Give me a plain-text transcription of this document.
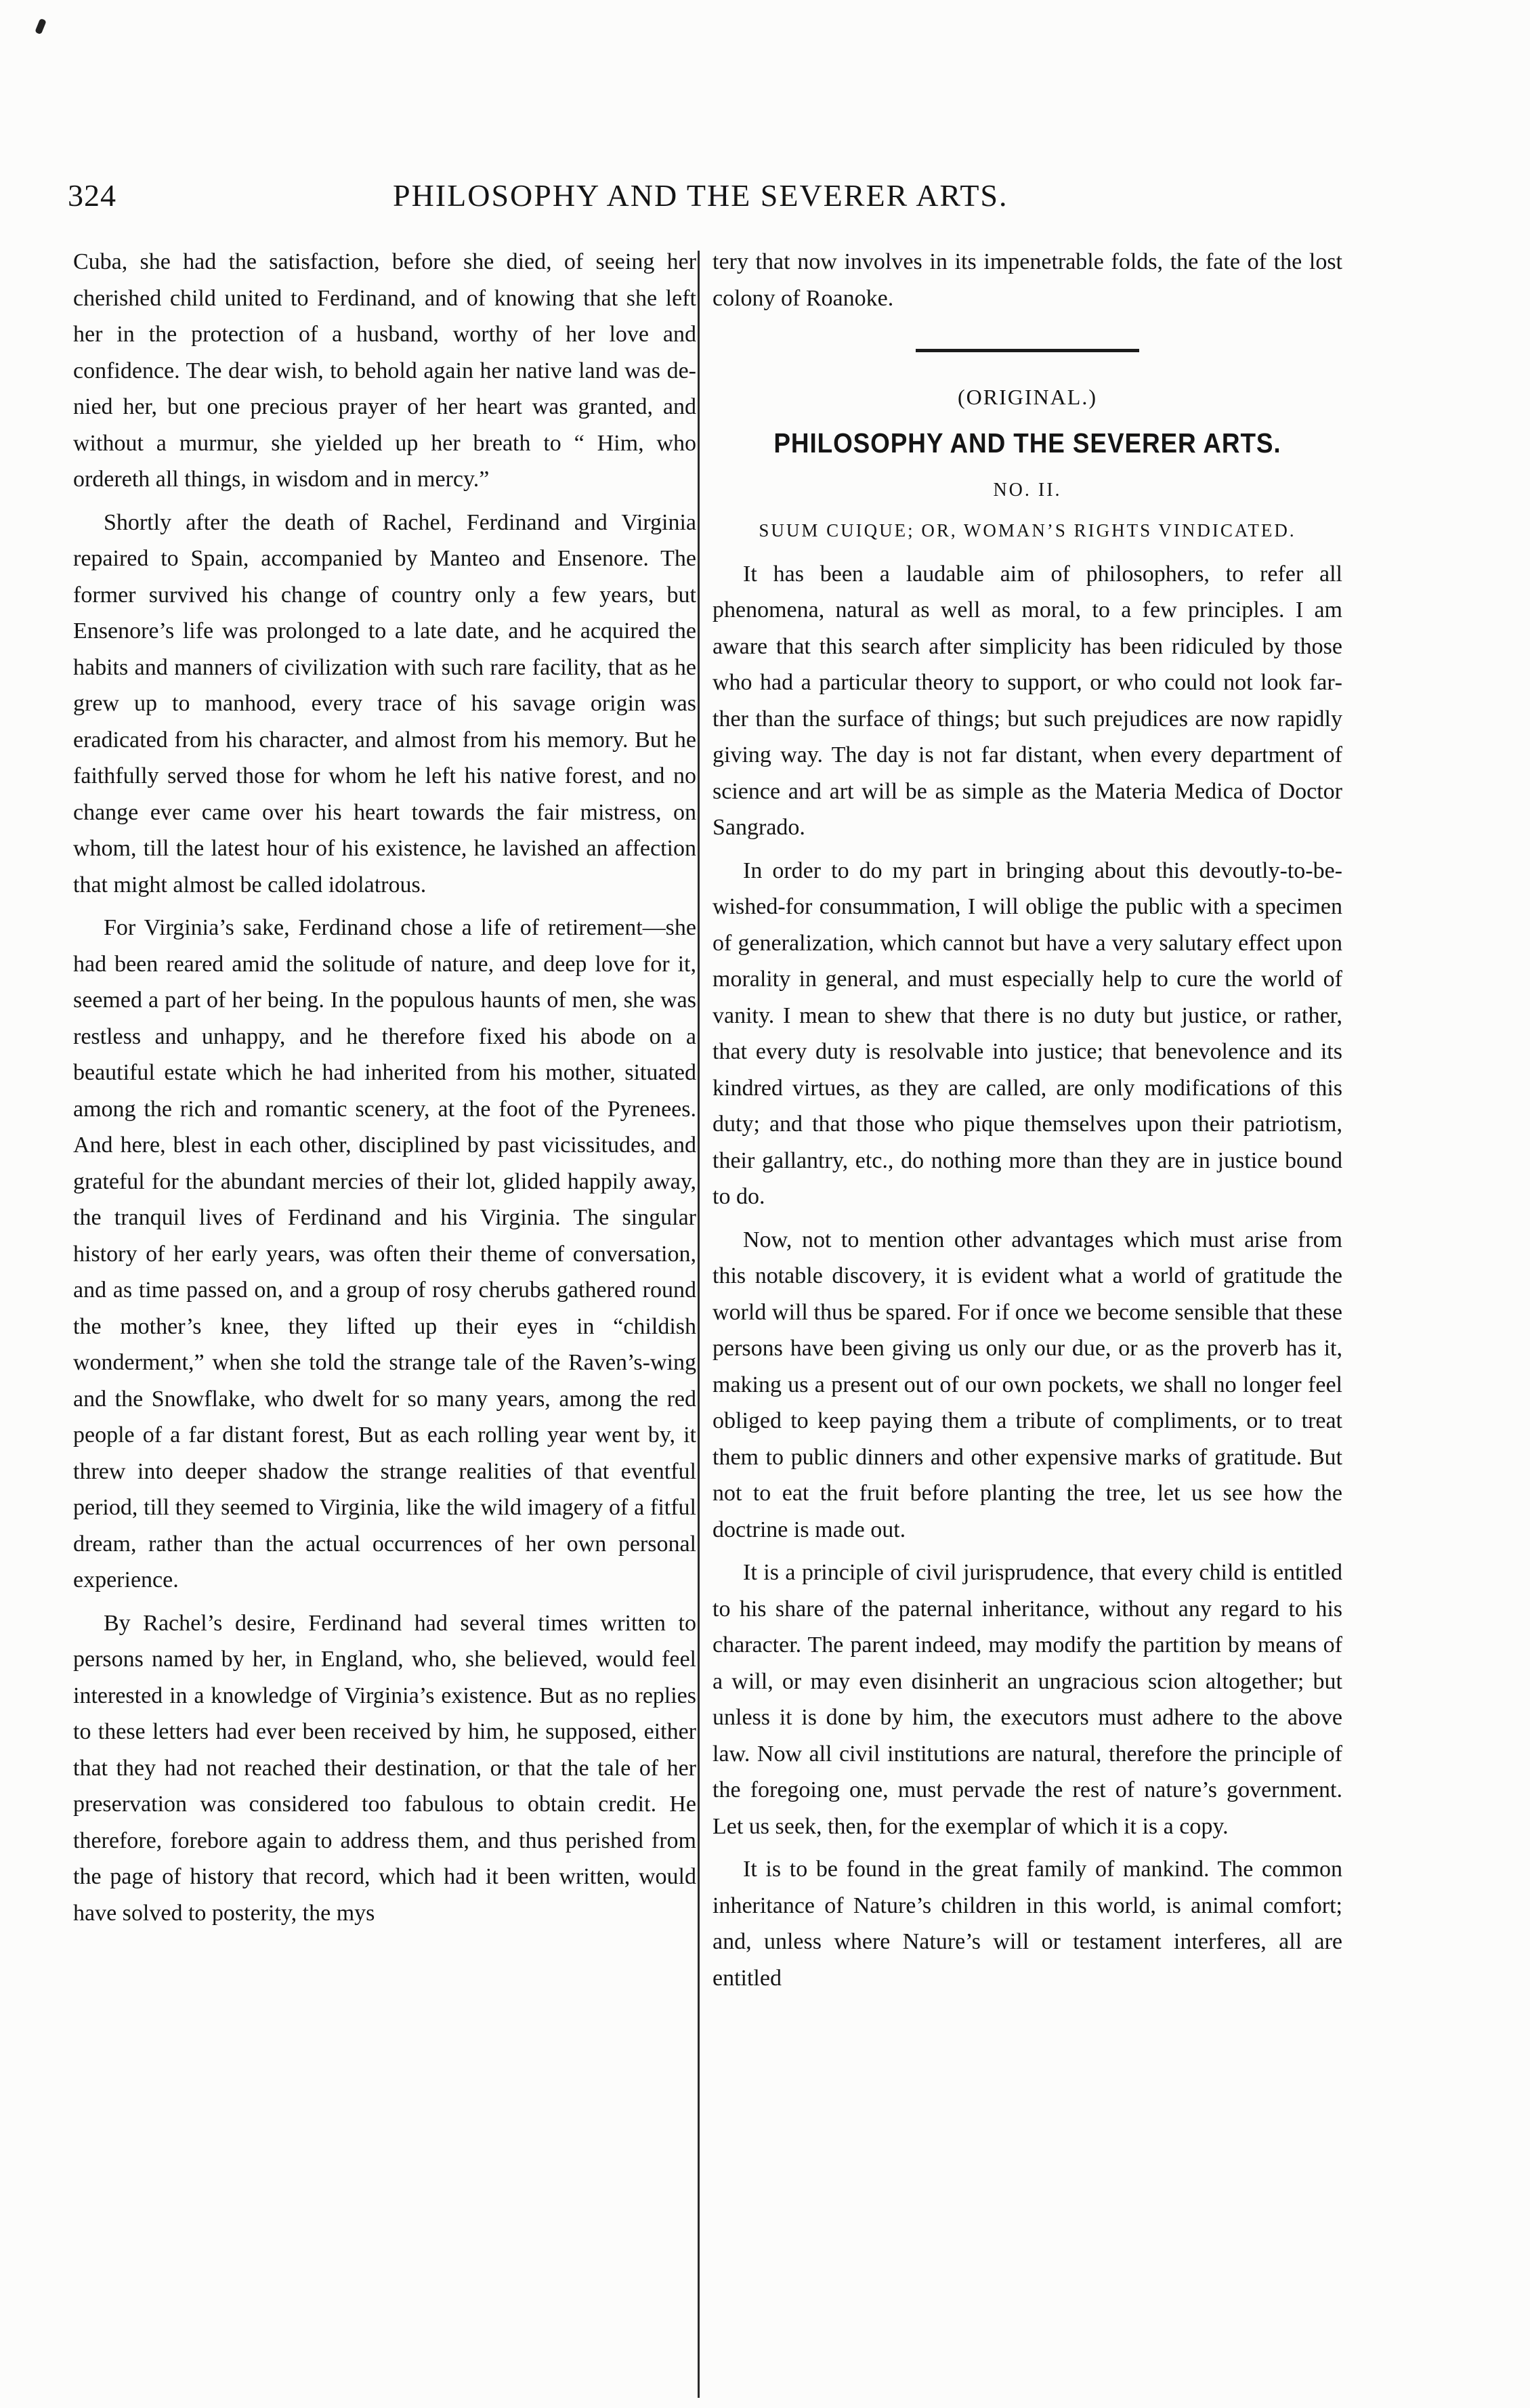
324	PHILOSOPHY AND THE SEVERER ARTS.

Cuba, she had the satisfaction, before she died, of seeing her cherished child united to Ferdinand, and of knowing that she left her in the protection of a husband, worthy of her love and confidence. The dear wish, to behold again her native land was denied her, but one precious prayer of her heart was granted, and without a murmur, she yielded up her breath to “ Him, who ordereth all things, in wisdom and in mercy.”

Shortly after the death of Rachel, Ferdinand and Virginia repaired to Spain, accompanied by Manteo and Ensenore. The former survived his change of country only a few years, but Ensenore’s life was prolonged to a late date, and he acquired the habits and manners of civilization with such rare facility, that as he grew up to manhood, every trace of his savage origin was eradicated from his character, and almost from his memory. But he faithfully served those for whom he left his native forest, and no change ever came over his heart towards the fair mistress, on whom, till the latest hour of his existence, he lavished an affection that might almost be called idolatrous.

For Virginia’s sake, Ferdinand chose a life of retirement—she had been reared amid the solitude of nature, and deep love for it, seemed a part of her being. In the populous haunts of men, she was restless and unhappy, and he therefore fixed his abode on a beautiful estate which he had inherited from his mother, situated among the rich and romantic scenery, at the foot of the Pyrenees. And here, blest in each other, disciplined by past vicissitudes, and grateful for the abundant mercies of their lot, glided happily away, the tranquil lives of Ferdinand and his Virginia. The singular history of her early years, was often their theme of conversation, and as time passed on, and a group of rosy cherubs gathered round the mother’s knee, they lifted up their eyes in “childish wonderment,” when she told the strange tale of the Raven’s-wing and the Snowflake, who dwelt for so many years, among the red people of a far distant forest, But as each rolling year went by, it threw into deeper shadow the strange realities of that eventful period, till they seemed to Virginia, like the wild imagery of a fitful dream, rather than the actual occurrences of her own personal experience.

By Rachel’s desire, Ferdinand had several times written to persons named by her, in England, who, she believed, would feel interested in a knowledge of Virginia’s existence. But as no replies to these letters had ever been received by him, he supposed, either that they had not reached their destination, or that the tale of her preservation was considered too fabulous to obtain credit. He therefore, forebore again to address them, and thus perished from the page of history that record, which had it been written, would have solved to posterity, the mys

tery that now involves in its impenetrable folds, the fate of the lost colony of Roanoke.

(ORIGINAL.)
PHILOSOPHY AND THE SEVERER ARTS.
NO. II.
SUUM CUIQUE; OR, WOMAN’S RIGHTS VINDICATED.

It has been a laudable aim of philosophers, to refer all phenomena, natural as well as moral, to a few principles. I am aware that this search after simplicity has been ridiculed by those who had a particular theory to support, or who could not look farther than the surface of things; but such prejudices are now rapidly giving way. The day is not far distant, when every department of science and art will be as simple as the Materia Medica of Doctor Sangrado.

In order to do my part in bringing about this devoutly-to-be-wished-for consummation, I will oblige the public with a specimen of generalization, which cannot but have a very salutary effect upon morality in general, and must especially help to cure the world of vanity. I mean to shew that there is no duty but justice, or rather, that every duty is resolvable into justice; that benevolence and its kindred virtues, as they are called, are only modifications of this duty; and that those who pique themselves upon their patriotism, their gallantry, etc., do nothing more than they are in justice bound to do.

Now, not to mention other advantages which must arise from this notable discovery, it is evident what a world of gratitude the world will thus be spared. For if once we become sensible that these persons have been giving us only our due, or as the proverb has it, making us a present out of our own pockets, we shall no longer feel obliged to keep paying them a tribute of compliments, or to treat them to public dinners and other expensive marks of gratitude. But not to eat the fruit before planting the tree, let us see how the doctrine is made out.

It is a principle of civil jurisprudence, that every child is entitled to his share of the paternal inheritance, without any regard to his character. The parent indeed, may modify the partition by means of a will, or may even disinherit an ungracious scion altogether; but unless it is done by him, the executors must adhere to the above law. Now all civil institutions are natural, therefore the principle of the foregoing one, must pervade the rest of nature’s government. Let us seek, then, for the exemplar of which it is a copy.

It is to be found in the great family of mankind. The common inheritance of Nature’s children in this world, is animal comfort; and, unless where Nature’s will or testament interferes, all are entitled
